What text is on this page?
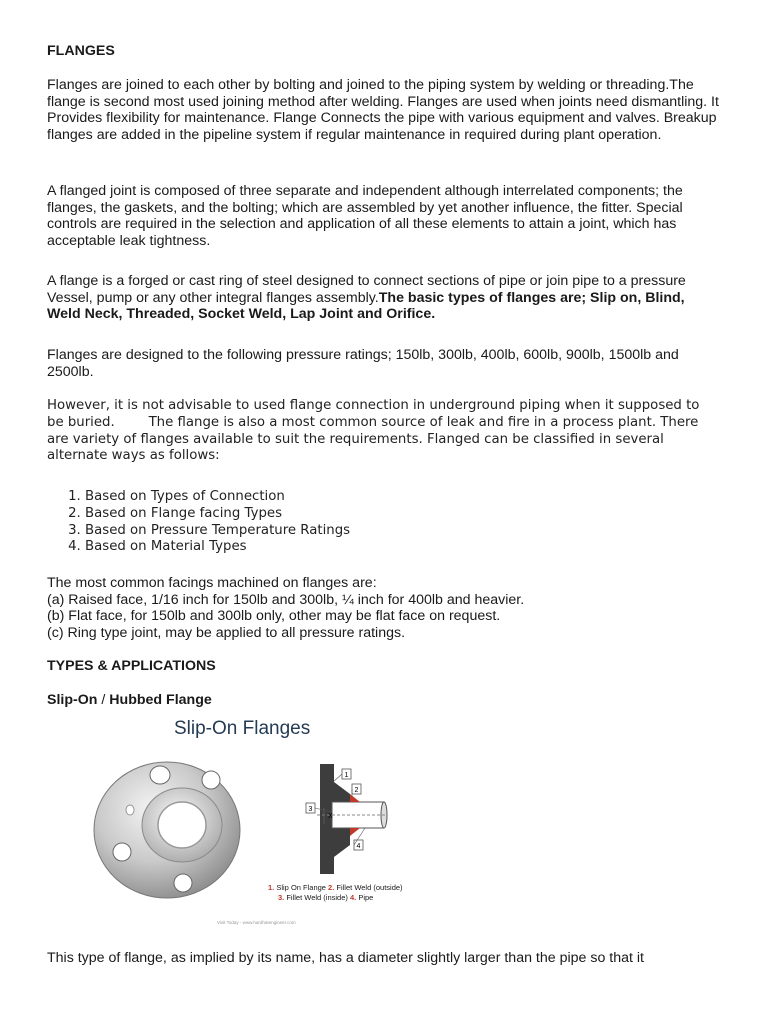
FLANGES

Flanges are joined to each other by bolting and joined to the piping system by welding or threading.The flange is second most used joining method after welding. Flanges are used when joints need dismantling. It Provides flexibility for maintenance. Flange Connects the pipe with various equipment and valves. Breakup flanges are added in the pipeline system if regular maintenance in required during plant operation.

A flanged joint is composed of three separate and independent although interrelated components; the flanges, the gaskets, and the bolting; which are assembled by yet another influence, the fitter. Special controls are required in the selection and application of all these elements to attain a joint, which has acceptable leak tightness.

A flange is a forged or cast ring of steel designed to connect sections of pipe or join pipe to a pressure Vessel, pump or any other integral flanges assembly.The basic types of flanges are; Slip on, Blind, Weld Neck, Threaded, Socket Weld, Lap Joint and Orifice.

Flanges are designed to the following pressure ratings; 150lb, 300lb, 400lb, 600lb, 900lb, 1500lb and 2500lb.

However, it is not advisable to used flange connection in underground piping when it supposed to be buried.	The flange is also a most common source of leak and fire in a process plant. There are variety of flanges available to suit the requirements. Flanged can be classified in several alternate ways as follows:

1. Based on Types of Connection
2. Based on Flange facing Types
3. Based on Pressure Temperature Ratings
4. Based on Material Types
The most common facings machined on flanges are:
(a) Raised face, 1/16 inch for 150lb and 300lb, ¼ inch for 400lb and heavier.
(b) Flat face, for 150lb and 300lb only, other may be flat face on request.
(c) Ring type joint, may be applied to all pressure ratings.
TYPES & APPLICATIONS
Slip-On / Hubbed Flange

This type of flange, as implied by its name, has a diameter slightly larger than the pipe so that it

Slip-On Flanges
1
2
3
4
X
1. Slip On Flange 2. Fillet Weld (outside)
3. Fillet Weld (inside) 4. Pipe
Visit Today - www.hardhatengineer.com
